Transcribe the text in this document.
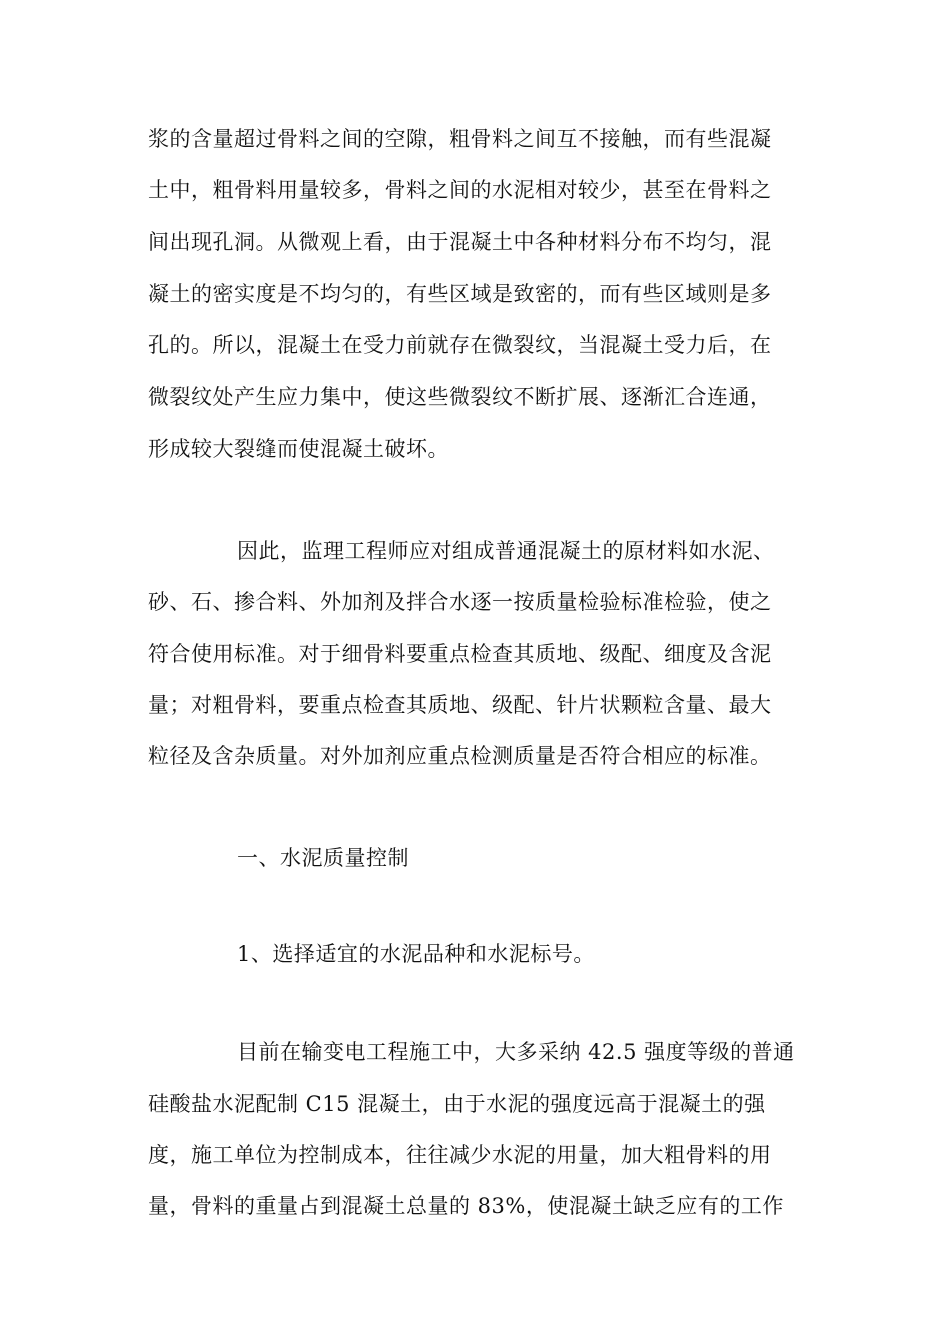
浆的含量超过骨料之间的空隙，粗骨料之间互不接触，而有些混凝
土中，粗骨料用量较多，骨料之间的水泥相对较少，甚至在骨料之
间出现孔洞。从微观上看，由于混凝土中各种材料分布不均匀，混
凝土的密实度是不均匀的，有些区域是致密的，而有些区域则是多
孔的。所以，混凝土在受力前就存在微裂纹，当混凝土受力后，在
微裂纹处产生应力集中，使这些微裂纹不断扩展、逐渐汇合连通，
形成较大裂缝而使混凝土破坏。
因此，监理工程师应对组成普通混凝土的原材料如水泥、
砂、石、掺合料、外加剂及拌合水逐一按质量检验标准检验，使之
符合使用标准。对于细骨料要重点检查其质地、级配、细度及含泥
量；对粗骨料，要重点检查其质地、级配、针片状颗粒含量、最大
粒径及含杂质量。对外加剂应重点检测质量是否符合相应的标准。
一、水泥质量控制
1、选择适宜的水泥品种和水泥标号。
目前在输变电工程施工中，大多采纳 42.5 强度等级的普通
硅酸盐水泥配制 C15 混凝土，由于水泥的强度远高于混凝土的强
度，施工单位为控制成本，往往减少水泥的用量，加大粗骨料的用
量，骨料的重量占到混凝土总量的 83%，使混凝土缺乏应有的工作
